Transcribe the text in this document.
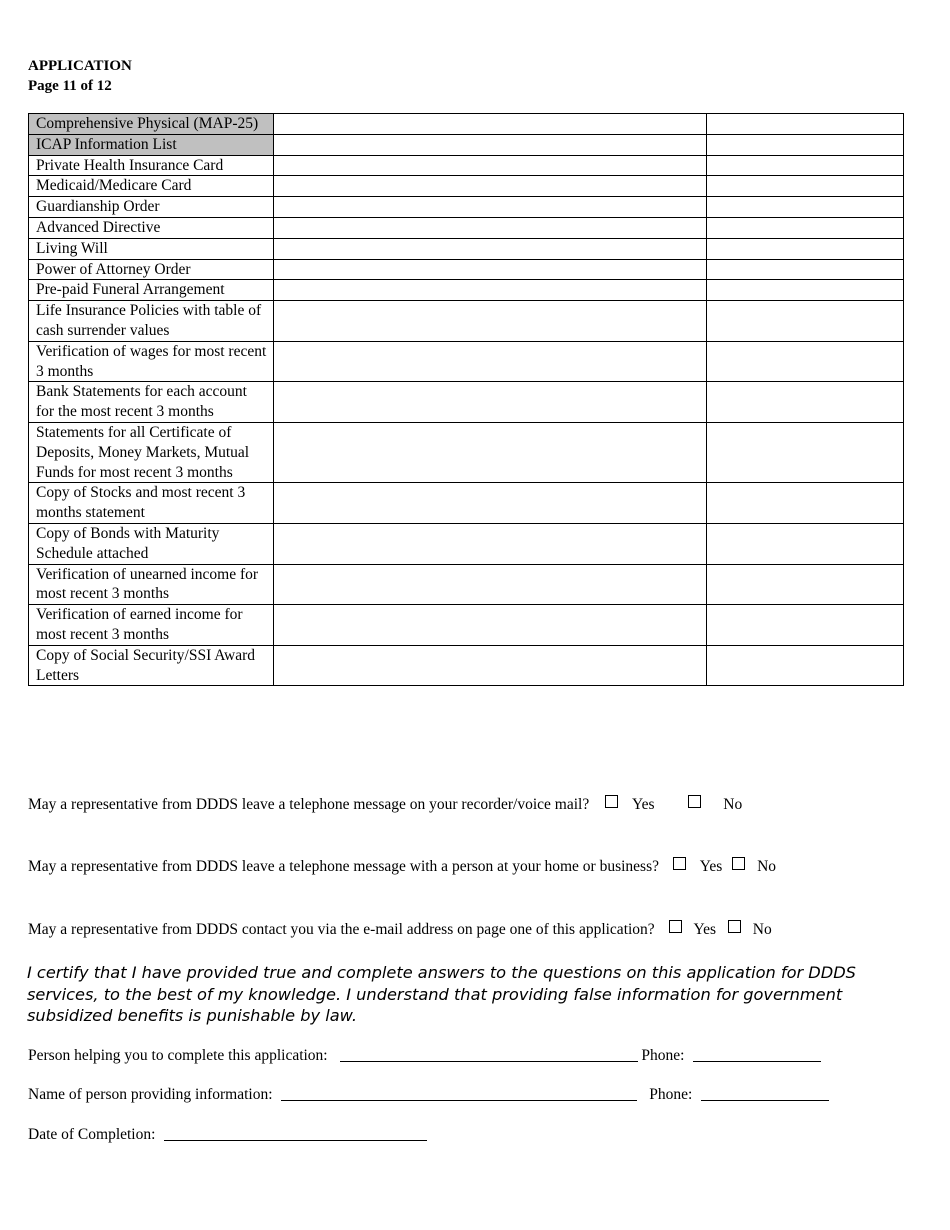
APPLICATION
Page 11 of 12
Comprehensive Physical (MAP-25)		
ICAP Information List		
Private Health Insurance Card		
Medicaid/Medicare Card		
Guardianship Order		
Advanced Directive		
Living Will		
Power of Attorney Order		
Pre-paid Funeral Arrangement		
Life Insurance Policies with table of cash surrender values		
Verification of wages for most recent 3 months		
Bank Statements for each account for the most recent 3 months		
Statements for all Certificate of Deposits, Money Markets, Mutual Funds for most recent 3 months		
Copy of Stocks and most recent 3 months statement		
Copy of Bonds with Maturity Schedule attached		
Verification of unearned income for most recent 3 months		
Verification of earned income for most recent 3 months		
Copy of Social Security/SSI Award Letters		
May a representative from DDDS leave a telephone message on your recorder/voice mail?	Yes	No
May a representative from DDDS leave a telephone message with a person at your home or business?	Yes No
May a representative from DDDS contact you via the e-mail address on page one of this application?	Yes No
I certify that I have provided true and complete answers to the questions on this application for DDDS services, to the best of my knowledge. I understand that providing false information for government subsidized benefits is punishable by law.
Person helping you to complete this application:	Phone:
Name of person providing information:	Phone:
Date of Completion:
